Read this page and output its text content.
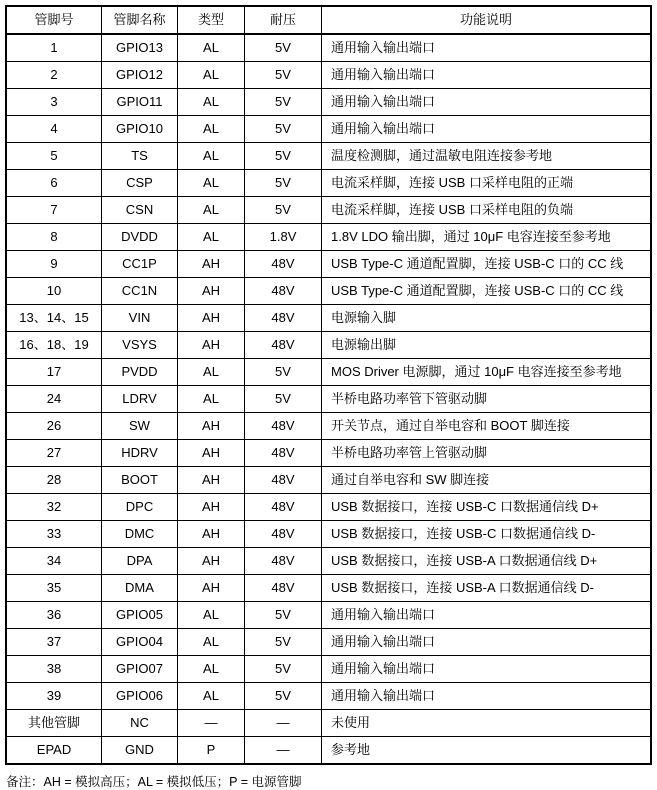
管脚号	管脚名称	类型	耐压	功能说明
1	GPIO13	AL	5V	通用输入输出端口
2	GPIO12	AL	5V	通用输入输出端口
3	GPIO11	AL	5V	通用输入输出端口
4	GPIO10	AL	5V	通用输入输出端口
5	TS	AL	5V	温度检测脚，通过温敏电阻连接参考地
6	CSP	AL	5V	电流采样脚，连接 USB 口采样电阻的正端
7	CSN	AL	5V	电流采样脚，连接 USB 口采样电阻的负端
8	DVDD	AL	1.8V	1.8V LDO 输出脚，通过 10μF 电容连接至参考地
9	CC1P	AH	48V	USB Type-C 通道配置脚，连接 USB-C 口的 CC 线
10	CC1N	AH	48V	USB Type-C 通道配置脚，连接 USB-C 口的 CC 线
13、14、15	VIN	AH	48V	电源输入脚
16、18、19	VSYS	AH	48V	电源输出脚
17	PVDD	AL	5V	MOS Driver 电源脚，通过 10μF 电容连接至参考地
24	LDRV	AL	5V	半桥电路功率管下管驱动脚
26	SW	AH	48V	开关节点，通过自举电容和 BOOT 脚连接
27	HDRV	AH	48V	半桥电路功率管上管驱动脚
28	BOOT	AH	48V	通过自举电容和 SW 脚连接
32	DPC	AH	48V	USB 数据接口，连接 USB-C 口数据通信线 D+
33	DMC	AH	48V	USB 数据接口，连接 USB-C 口数据通信线 D-
34	DPA	AH	48V	USB 数据接口，连接 USB-A 口数据通信线 D+
35	DMA	AH	48V	USB 数据接口，连接 USB-A 口数据通信线 D-
36	GPIO05	AL	5V	通用输入输出端口
37	GPIO04	AL	5V	通用输入输出端口
38	GPIO07	AL	5V	通用输入输出端口
39	GPIO06	AL	5V	通用输入输出端口
其他管脚	NC	—	—	未使用
EPAD	GND	P	—	参考地
备注：AH = 模拟高压；AL = 模拟低压；P = 电源管脚
